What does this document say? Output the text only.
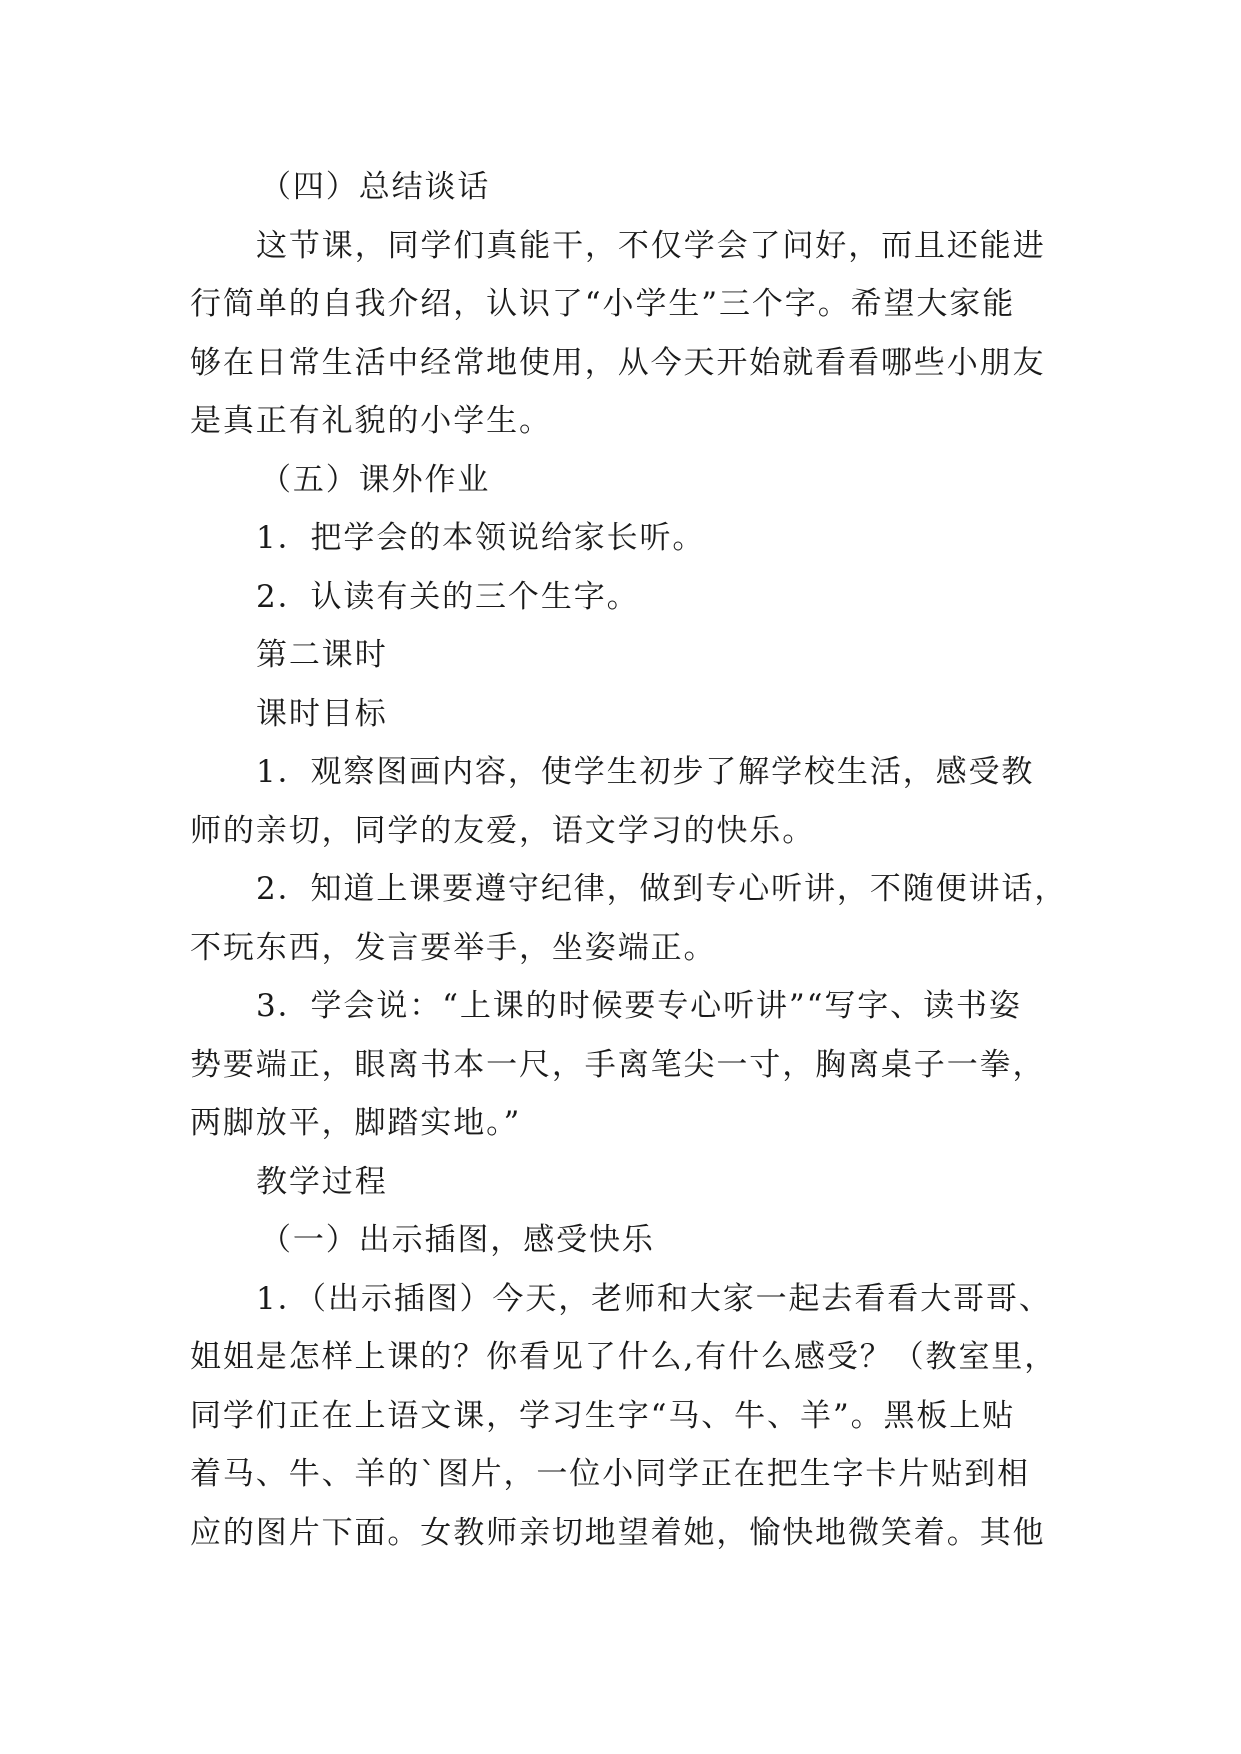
（四）总结谈话

这节课，同学们真能干，不仅学会了问好，而且还能进

行简单的自我介绍，认识了“小学生”三个字。希望大家能

够在日常生活中经常地使用，从今天开始就看看哪些小朋友

是真正有礼貌的小学生。

（五）课外作业

1．把学会的本领说给家长听。

2．认读有关的三个生字。

第二课时

课时目标

1．观察图画内容，使学生初步了解学校生活，感受教

师的亲切，同学的友爱，语文学习的快乐。

2．知道上课要遵守纪律，做到专心听讲，不随便讲话，

不玩东西，发言要举手，坐姿端正。

3．学会说：“上课的时候要专心听讲”“写字、读书姿

势要端正，眼离书本一尺，手离笔尖一寸，胸离桌子一拳，

两脚放平，脚踏实地。”

教学过程

（一）出示插图，感受快乐

1．（出示插图）今天，老师和大家一起去看看大哥哥、

姐姐是怎样上课的？你看见了什么,有什么感受？（教室里，

同学们正在上语文课，学习生字“马、牛、羊”。黑板上贴

着马、牛、羊的`图片，一位小同学正在把生字卡片贴到相

应的图片下面。女教师亲切地望着她，愉快地微笑着。其他
